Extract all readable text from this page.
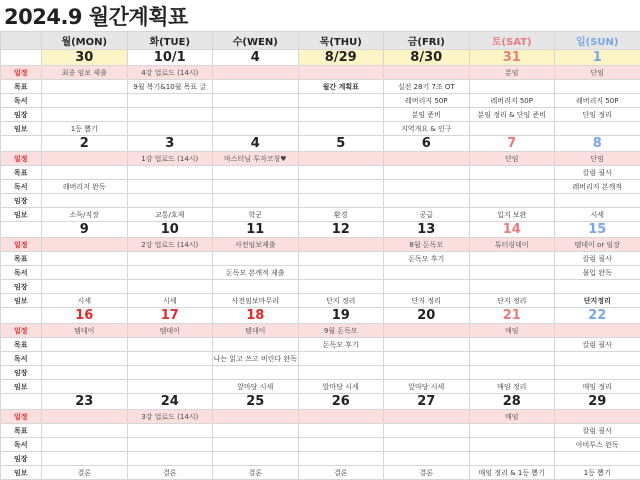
2024.9 월간계획표
	월(MON)	화(TUE)	수(WEN)	목(THU)	금(FRI)	토(SAT)	일(SUN)
	30	10/1	4	8/29	8/30	31	1
일정	최종 임보 제출	4강 업로드 (14시)				분임	단임
목표		9월 복기&10월 목표 글		월간 계획표	실전 28기 7조 OT		
독서					레버리지 50P	레버리지 50P	레버리지 50P
임장					분임 준비	분임 정리 & 단임 준비	단임 정리
임보	1등 뽑기				지역개요 & 인구		
	2	3	4	5	6	7	8
일정		1강 업로드 (14시)	마스터님 투자코칭♥			단임	단임
목표							칼럼 필사
독서	레버리지 완독						레버리지 본깨적
임장							
임보	소득/직장	교통/호재	학군	환경	공급	입지 보완	시세
	9	10	11	12	13	14	15
일정		2강 업로드 (14시)	사전임보제출		8월 돈독모	튜터링데이	템데이 or 임장
목표					돈독모 후기		칼럼 필사
독서			돈독모 본깨적 제출				물입 완독
임장							
임보	시세	시세	사전임보마무리	단지 정리	단지 정리	단지 정리	단지정리
	16	17	18	19	20	21	22
일정	템데이	템데이	템데이	9월 돈독모		매임	
목표				돈독모 후기			칼럼 필사
독서			나는 읽고 쓰고 버린다 완독				
임장							
임보			앞마당 시세	앞마당 시세	앞마당 시세	매임 정리	매임 정리
	23	24	25	26	27	28	29
일정		3강 업로드 (14시)				매임	
목표							칼럼 필사
독서							아비투스 완독
임장							
임보	결론	결론	결론	결론	결론	매임 정리 & 1등 뽑기	1등 뽑기
